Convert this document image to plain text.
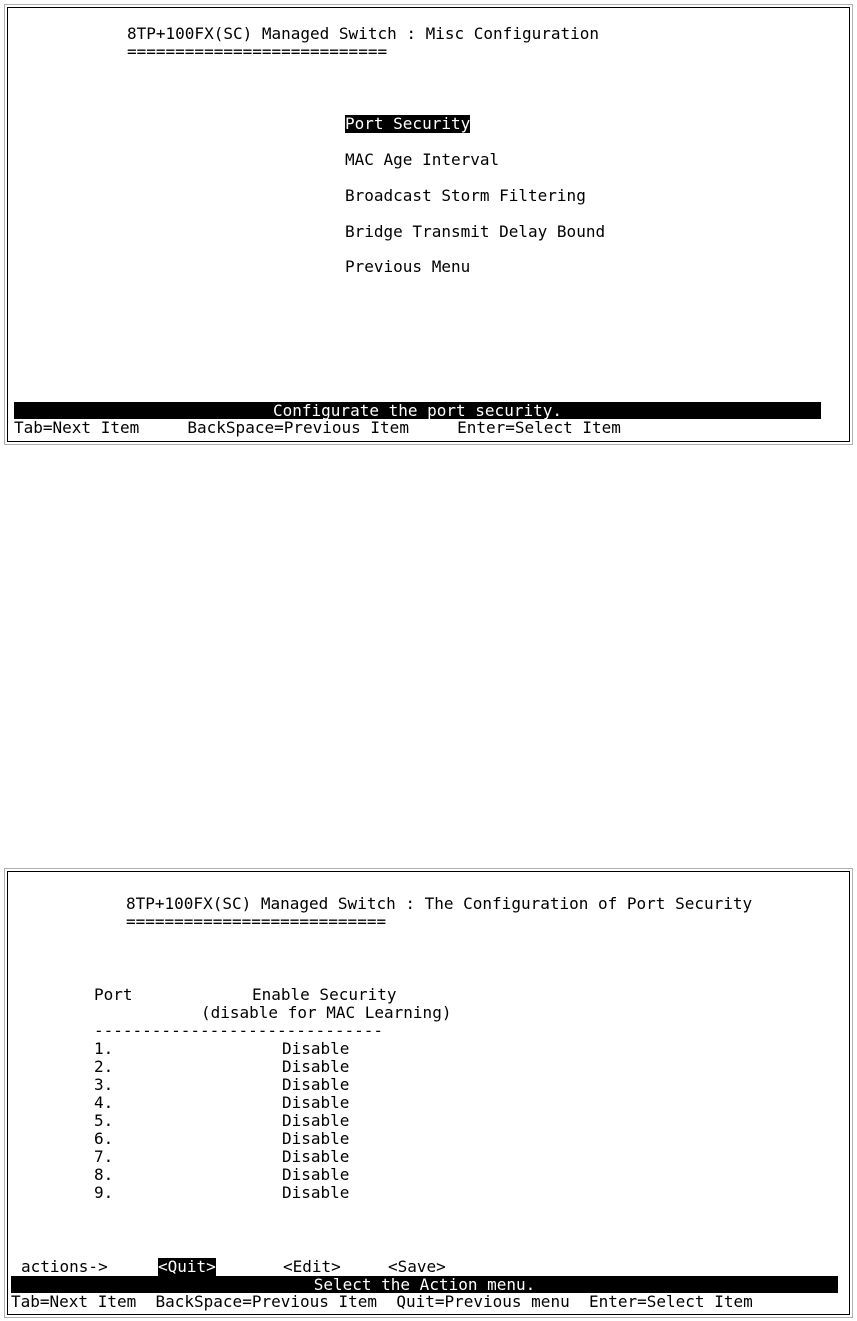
8TP+100FX(SC) Managed Switch : Misc Configuration
===========================
Port Security
MAC Age Interval
Broadcast Storm Filtering
Bridge Transmit Delay Bound
Previous Menu
Configurate the port security.
Tab=Next Item     BackSpace=Previous Item     Enter=Select Item
8TP+100FX(SC) Managed Switch : The Configuration of Port Security
===========================
Port	Enable Security
(disable for MAC Learning)
------------------------------
1.	Disable
2.	Disable
3.	Disable
4.	Disable
5.	Disable
6.	Disable
7.	Disable
8.	Disable
9.	Disable
actions->	<Quit>	<Edit>	<Save>
Select the Action menu.
Tab=Next Item  BackSpace=Previous Item  Quit=Previous menu  Enter=Select Item
